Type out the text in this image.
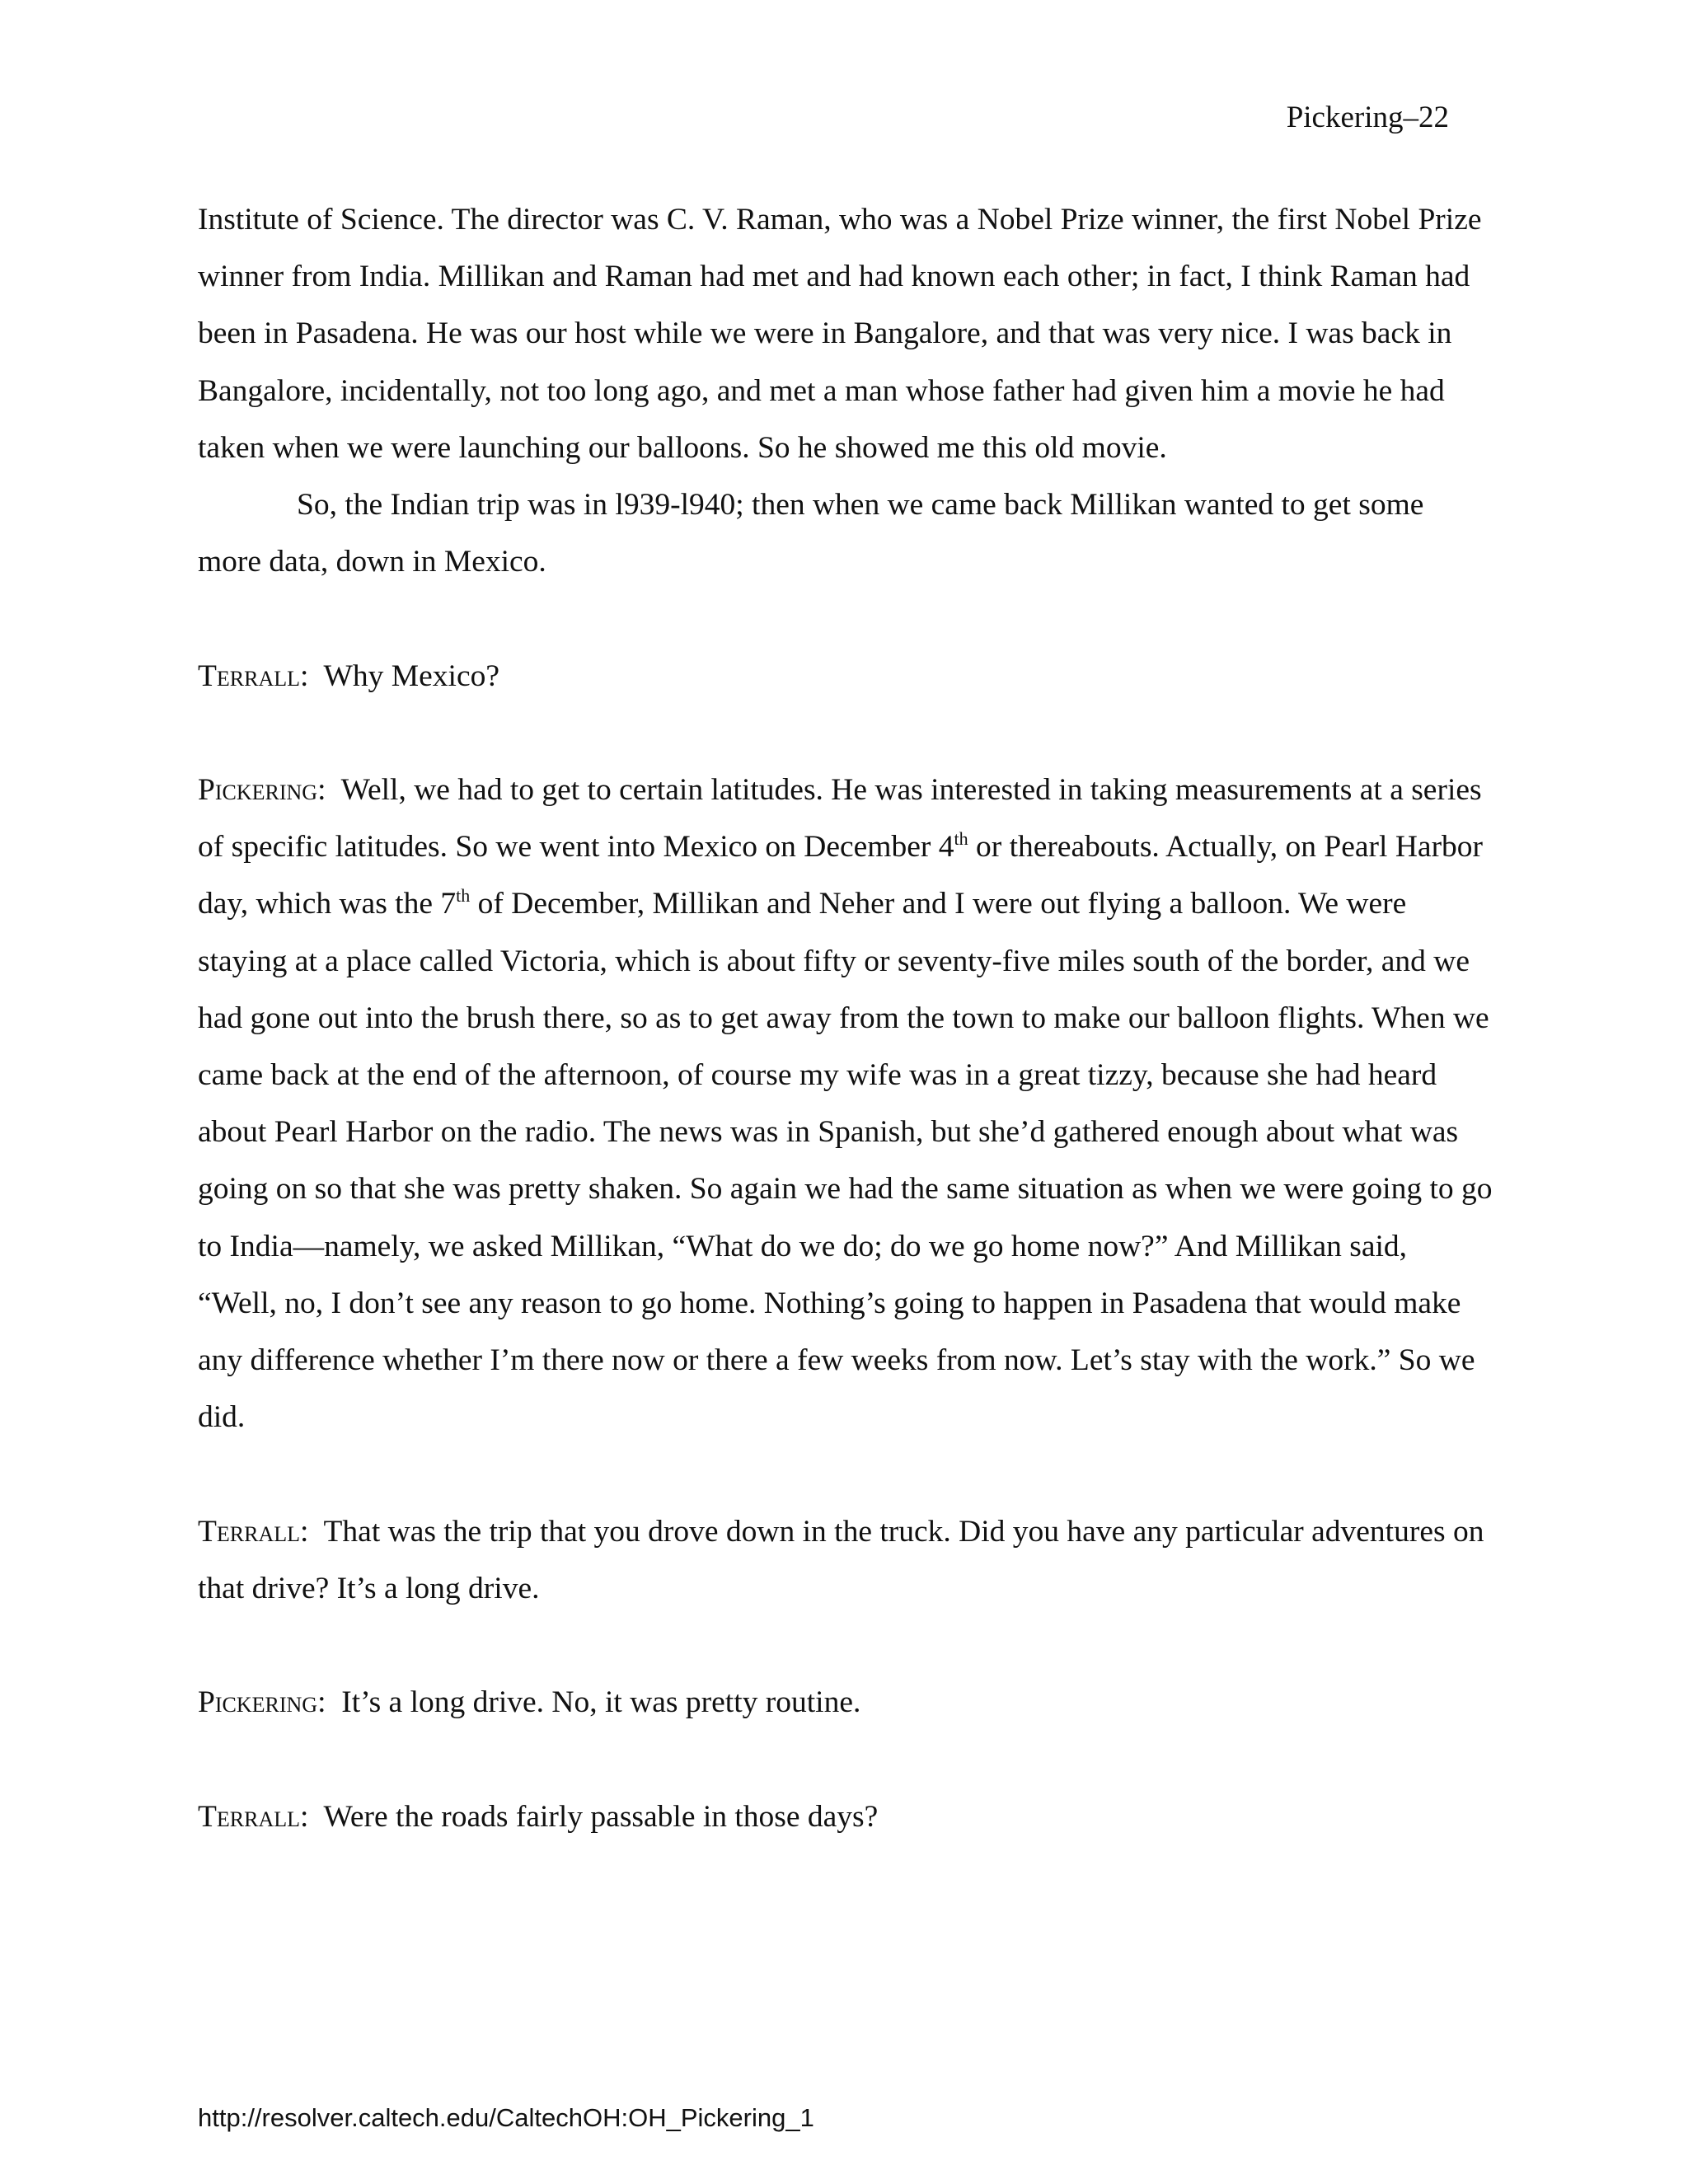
Pickering–22

Institute of Science. The director was C. V. Raman, who was a Nobel Prize winner, the first Nobel Prize winner from India. Millikan and Raman had met and had known each other; in fact, I think Raman had been in Pasadena. He was our host while we were in Bangalore, and that was very nice. I was back in Bangalore, incidentally, not too long ago, and met a man whose father had given him a movie he had taken when we were launching our balloons. So he showed me this old movie.

So, the Indian trip was in l939-l940; then when we came back Millikan wanted to get some more data, down in Mexico.

Terrall: Why Mexico?

Pickering: Well, we had to get to certain latitudes. He was interested in taking measurements at a series of specific latitudes. So we went into Mexico on December 4th or thereabouts. Actually, on Pearl Harbor day, which was the 7th of December, Millikan and Neher and I were out flying a balloon. We were staying at a place called Victoria, which is about fifty or seventy-five miles south of the border, and we had gone out into the brush there, so as to get away from the town to make our balloon flights. When we came back at the end of the afternoon, of course my wife was in a great tizzy, because she had heard about Pearl Harbor on the radio. The news was in Spanish, but she’d gathered enough about what was going on so that she was pretty shaken. So again we had the same situation as when we were going to go to India—namely, we asked Millikan, “What do we do; do we go home now?” And Millikan said, “Well, no, I don’t see any reason to go home. Nothing’s going to happen in Pasadena that would make any difference whether I’m there now or there a few weeks from now. Let’s stay with the work.” So we did.

Terrall: That was the trip that you drove down in the truck. Did you have any particular adventures on that drive? It’s a long drive.

Pickering: It’s a long drive. No, it was pretty routine.

Terrall: Were the roads fairly passable in those days?

http://resolver.caltech.edu/CaltechOH:OH_Pickering_1
